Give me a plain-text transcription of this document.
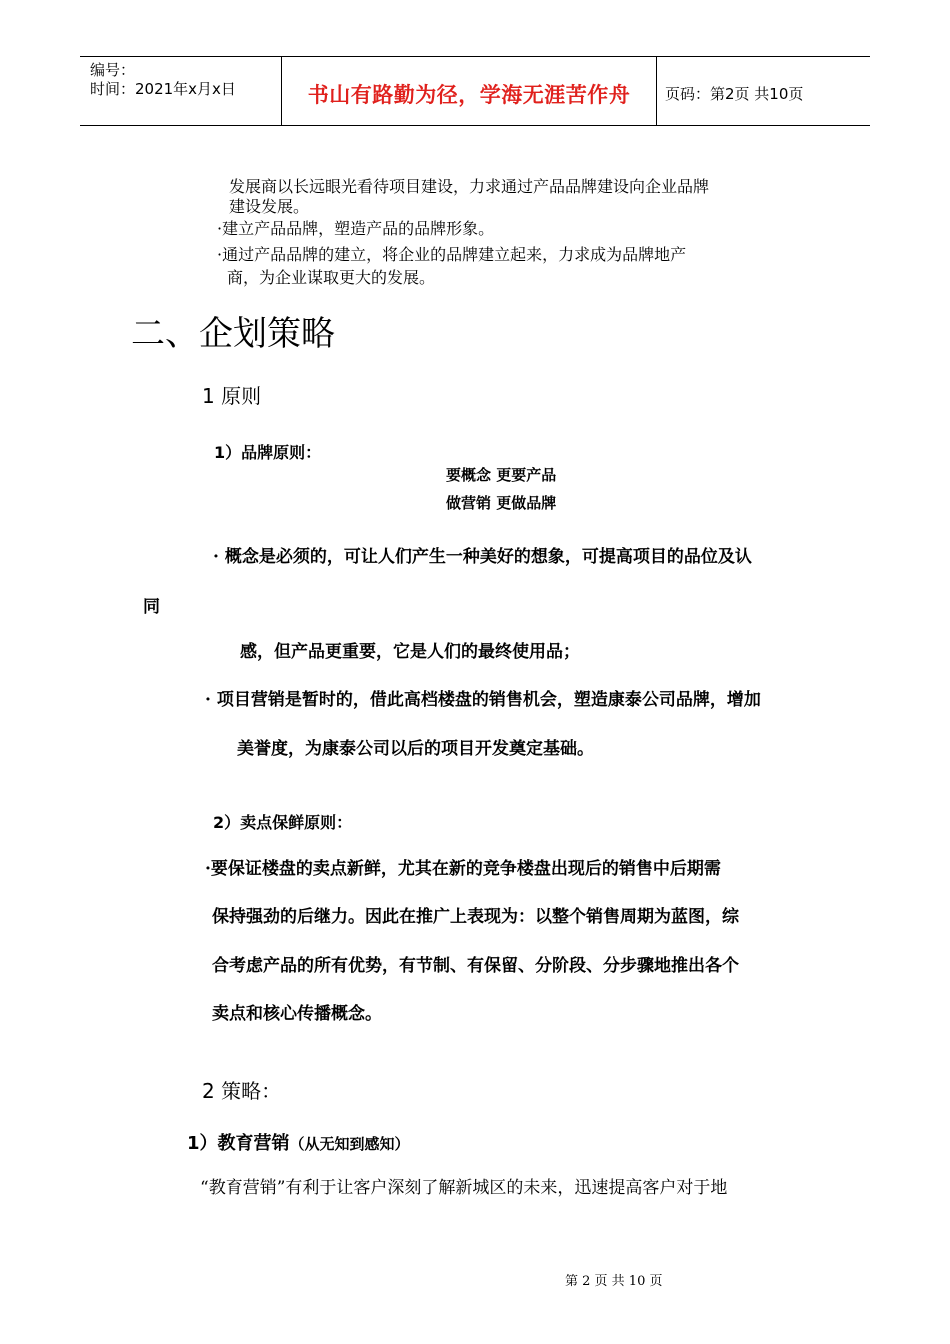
编号：
时间：2021年x月x日	书山有路勤为径，学海无涯苦作舟	页码：第2页 共10页
发展商以长远眼光看待项目建设，力求通过产品品牌建设向企业品牌
建设发展。
·建立产品品牌，塑造产品的品牌形象。
·通过产品品牌的建立，将企业的品牌建立起来，力求成为品牌地产
商，为企业谋取更大的发展。
二、企划策略
1 原则
1）品牌原则：
要概念 更要产品
做营销 更做品牌
· 概念是必须的，可让人们产生一种美好的想象，可提高项目的品位及认
同
感，但产品更重要，它是人们的最终使用品；
· 项目营销是暂时的，借此高档楼盘的销售机会，塑造康泰公司品牌，增加
美誉度，为康泰公司以后的项目开发奠定基础。
2）卖点保鲜原则：
·要保证楼盘的卖点新鲜，尤其在新的竞争楼盘出现后的销售中后期需
保持强劲的后继力。因此在推广上表现为：以整个销售周期为蓝图，综
合考虑产品的所有优势，有节制、有保留、分阶段、分步骤地推出各个
卖点和核心传播概念。
2 策略：
1）教育营销（从无知到感知）
“教育营销”有利于让客户深刻了解新城区的未来，迅速提高客户对于地
第 2 页 共 10 页
